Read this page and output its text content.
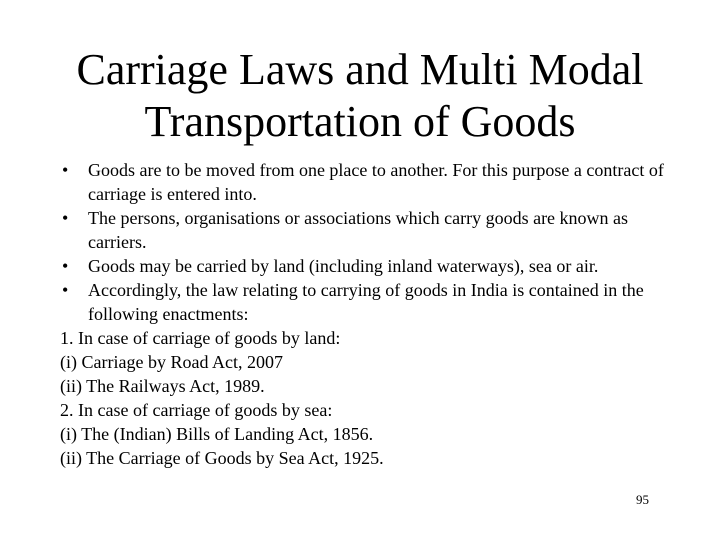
Carriage Laws and Multi Modal
Transportation of Goods
• Goods are to be moved from one place to another. For this purpose a contract of carriage is entered into.
• The persons, organisations or associations which carry goods are known as carriers.
• Goods may be carried by land (including inland waterways), sea or air.
• Accordingly, the law relating to carrying of goods in India is contained in the following enactments:
1. In case of carriage of goods by land:
(i) Carriage by Road Act, 2007
(ii) The Railways Act, 1989.
2. In case of carriage of goods by sea:
(i) The (Indian) Bills of Landing Act, 1856.
(ii) The Carriage of Goods by Sea Act, 1925.
95
